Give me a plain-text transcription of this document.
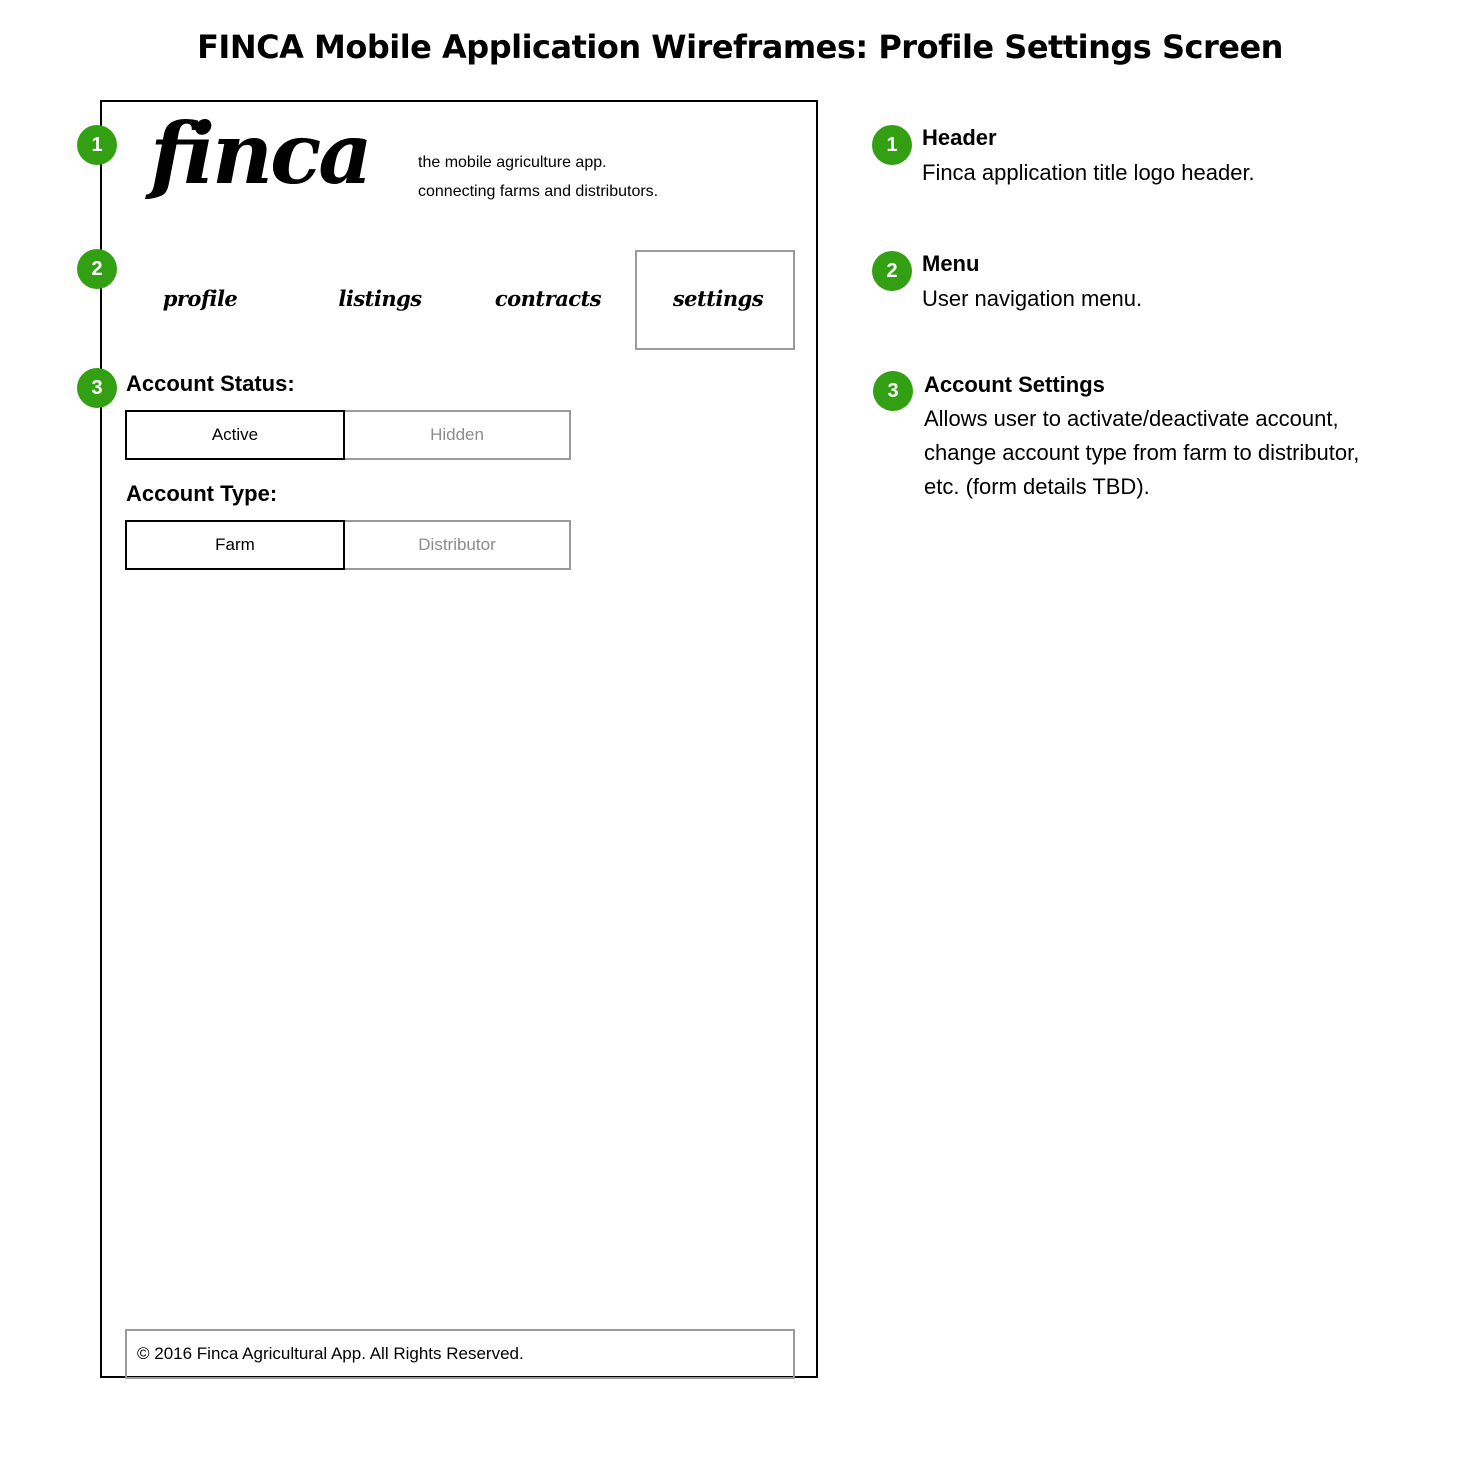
FINCA Mobile Application Wireframes: Profile Settings Screen
1
2
3
finca	the mobile agriculture app.
connecting farms and distributors.
profile	listings	contracts	settings
Account Status:
Active	Hidden
Account Type:
Farm	Distributor
© 2016 Finca Agricultural App. All Rights Reserved.
1	Header
Finca application title logo header.
2	Menu
User navigation menu.
3	Account Settings
Allows user to activate/deactivate account,
change account type from farm to distributor,
etc. (form details TBD).
